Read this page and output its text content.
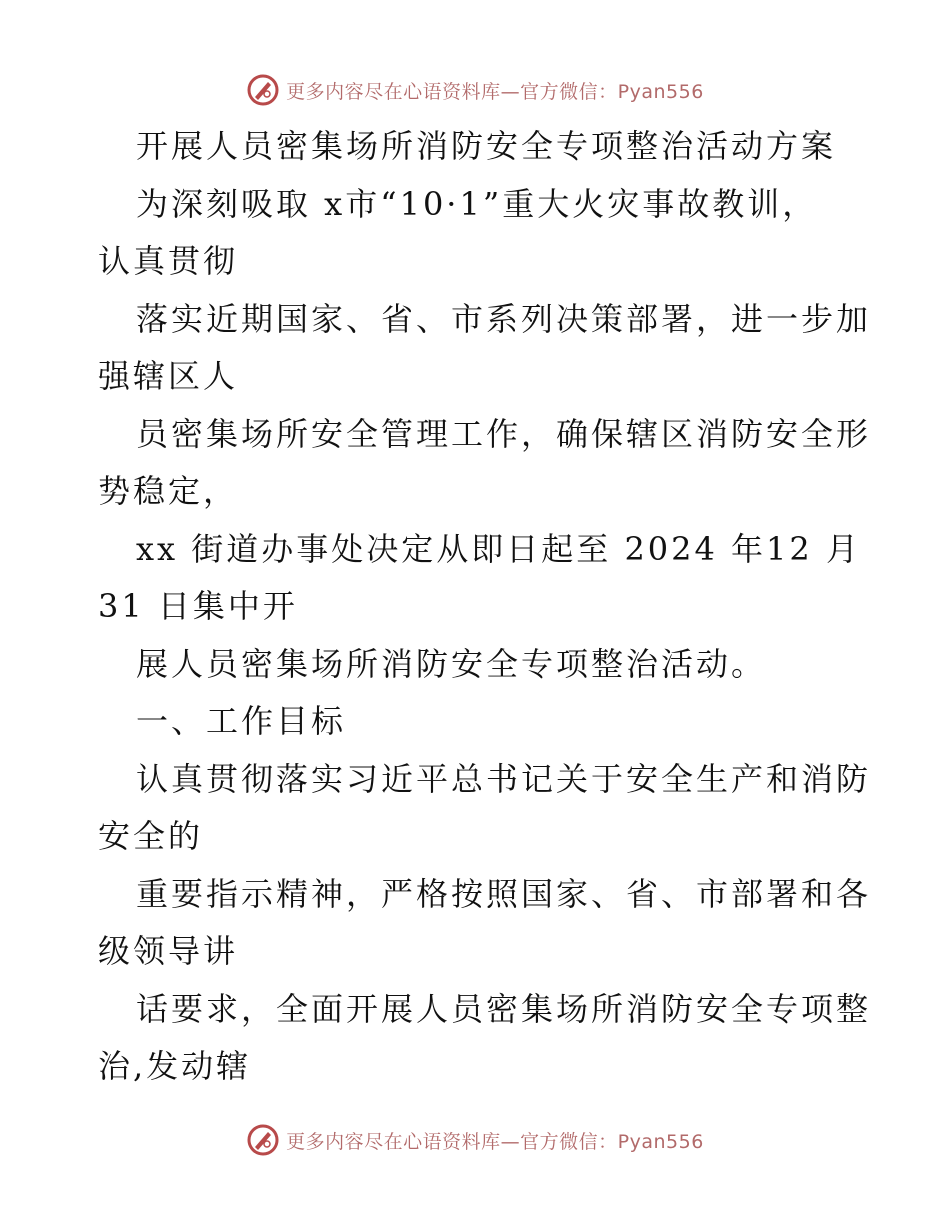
更多内容尽在心语资料库—官方微信：Pyan556
开展人员密集场所消防安全专项整治活动方案
为深刻吸取 x市“10·1”重大火灾事故教训，
认真贯彻
落实近期国家、省、市系列决策部署，进一步加
强辖区人
员密集场所安全管理工作，确保辖区消防安全形
势稳定，
xx 街道办事处决定从即日起至 2024 年12 月
31 日集中开
展人员密集场所消防安全专项整治活动。
一、工作目标
认真贯彻落实习近平总书记关于安全生产和消防
安全的
重要指示精神，严格按照国家、省、市部署和各
级领导讲
话要求，全面开展人员密集场所消防安全专项整
治,发动辖
更多内容尽在心语资料库—官方微信：Pyan556
